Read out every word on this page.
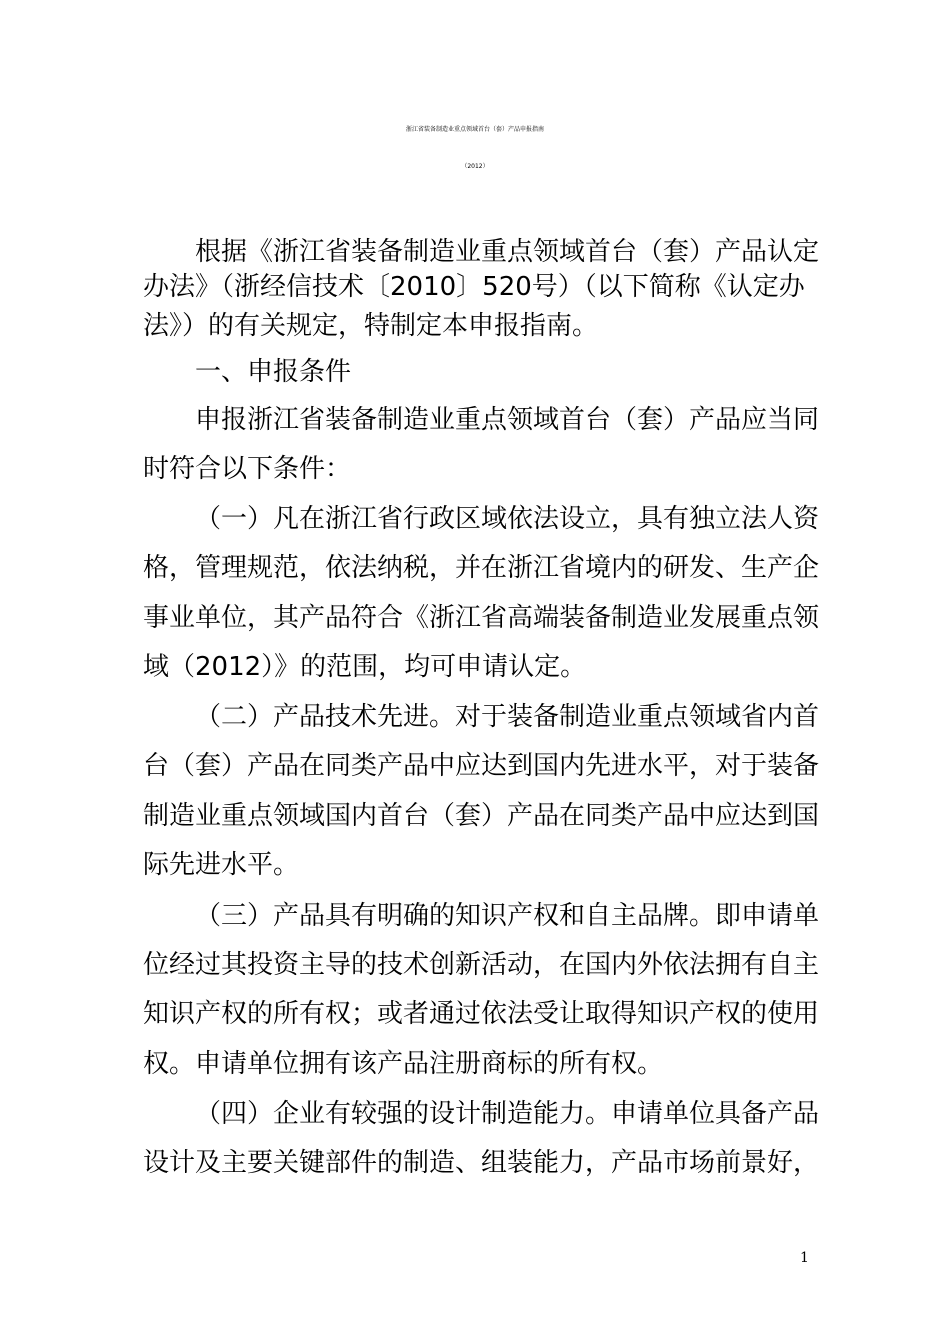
浙江省装备制造业重点领域首台（套）产品申报指南
（2012）
根据《浙江省装备制造业重点领域首台（套）产品认定
办法》（浙经信技术〔2010〕520号）（以下简称《认定办
法》）的有关规定，特制定本申报指南。
一、申报条件
申报浙江省装备制造业重点领域首台（套）产品应当同
时符合以下条件：
（一）凡在浙江省行政区域依法设立，具有独立法人资
格，管理规范，依法纳税，并在浙江省境内的研发、生产企
事业单位，其产品符合《浙江省高端装备制造业发展重点领
域（2012）》的范围，均可申请认定。
（二）产品技术先进。对于装备制造业重点领域省内首
台（套）产品在同类产品中应达到国内先进水平，对于装备
制造业重点领域国内首台（套）产品在同类产品中应达到国
际先进水平。
（三）产品具有明确的知识产权和自主品牌。即申请单
位经过其投资主导的技术创新活动，在国内外依法拥有自主
知识产权的所有权；或者通过依法受让取得知识产权的使用
权。申请单位拥有该产品注册商标的所有权。
（四）企业有较强的设计制造能力。申请单位具备产品
设计及主要关键部件的制造、组装能力，产品市场前景好，
1
